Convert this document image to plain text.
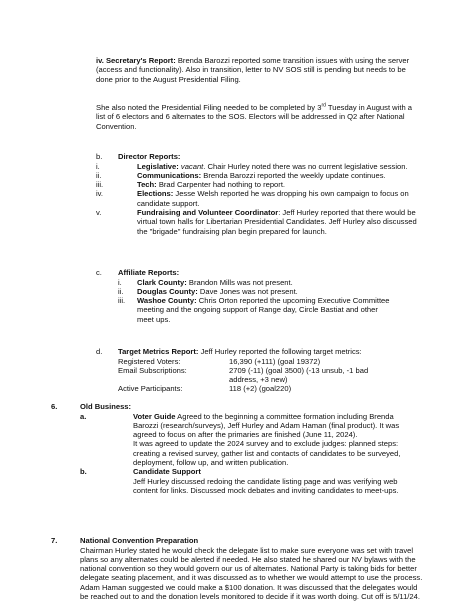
iv. Secretary's Report: Brenda Barozzi reported some transition issues with using the server (access and functionality). Also in transition, letter to NV SOS still is pending but needs to be done prior to the August Presidential Filing.

She also noted the Presidential Filing needed to be completed by 3rd Tuesday in August with a list of 6 electors and 6 alternates to the SOS. Electors will be addressed in Q2 after National Convention.

b. Director Reports:
i.	Legislative: vacant. Chair Hurley noted there was no current legislative session.

ii.	Communications: Brenda Barozzi reported the weekly update continues.

iii.	Tech: Brad Carpenter had nothing to report.

iv.	Elections: Jesse Welsh reported he was dropping his own campaign to focus on candidate support.

v.	Fundraising and Volunteer Coordinator: Jeff Hurley reported that there would be virtual town halls for Libertarian Presidential Candidates. Jeff Hurley also discussed the "brigade" fundraising plan begin prepared for launch.

c. Affiliate Reports:
i. Clark County: Brandon Mills was not present.

ii. Douglas County: Dave Jones was not present.

iii. Washoe County: Chris Orton reported the upcoming Executive Committee meeting and the ongoing support of Range day, Circle Bastiat and other meet ups.

d. Target Metrics Report: Jeff Hurley reported the following target metrics:

Registered Voters:	16,390 (+111) (goal 19372)
Email Subscriptions:	2709 (-11) (goal 3500) (-13 unsub, -1 bad address, +3 new)
Active Participants:	118 (+2) (goal220)
6.	Old Business:
a.	Voter Guide Agreed to the beginning a committee formation including Brenda Barozzi (research/surveys), Jeff Hurley and Adam Haman (final product). It was agreed to focus on after the primaries are finished (June 11, 2024).

It was agreed to update the 2024 survey and to exclude judges: planned steps: creating a revised survey, gather list and contacts of candidates to be surveyed, deployment, follow up, and written publication.

b.	Candidate Support

Jeff Hurley discussed redoing the candidate listing page and was verifying web content for links. Discussed mock debates and inviting candidates to meet-ups.

7.	National Convention Preparation

Chairman Hurley stated he would check the delegate list to make sure everyone was set with travel plans so any alternates could be alerted if needed. He also stated he shared our NV bylaws with the national convention so they would govern our us of alternates. National Party is taking bids for better delegate seating placement, and it was discussed as to whether we would attempt to use the process. Adam Haman suggested we could make a $100 donation. It was discussed that the delegates would be reached out to and the donation levels monitored to decide if it was worth doing. Cut off is 5/11/24.
